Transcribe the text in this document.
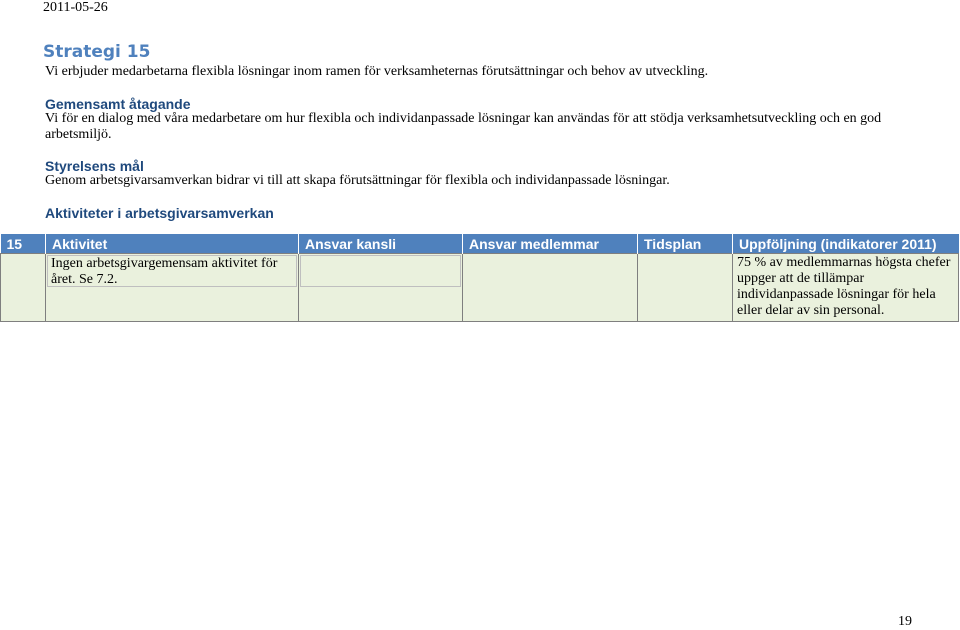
2011-05-26
Strategi 15

Vi erbjuder medarbetarna flexibla lösningar inom ramen för verksamheternas förutsättningar och behov av utveckling.

Gemensamt åtagande

Vi för en dialog med våra medarbetare om hur flexibla och individanpassade lösningar kan användas för att stödja verksamhetsutveckling och en god arbetsmiljö.

Styrelsens mål

Genom arbetsgivarsamverkan bidrar vi till att skapa förutsättningar för flexibla och individanpassade lösningar.

Aktiviteter i arbetsgivarsamverkan
15	Aktivitet	Ansvar kansli	Ansvar medlemmar	Tidsplan	Uppföljning (indikatorer 2011)

	Ingen arbetsgivargemensam aktivitet för året. Se 7.2.				75 % av medlemmarnas högsta chefer uppger att de tillämpar individanpassade lösningar för hela eller delar av sin personal.
19
